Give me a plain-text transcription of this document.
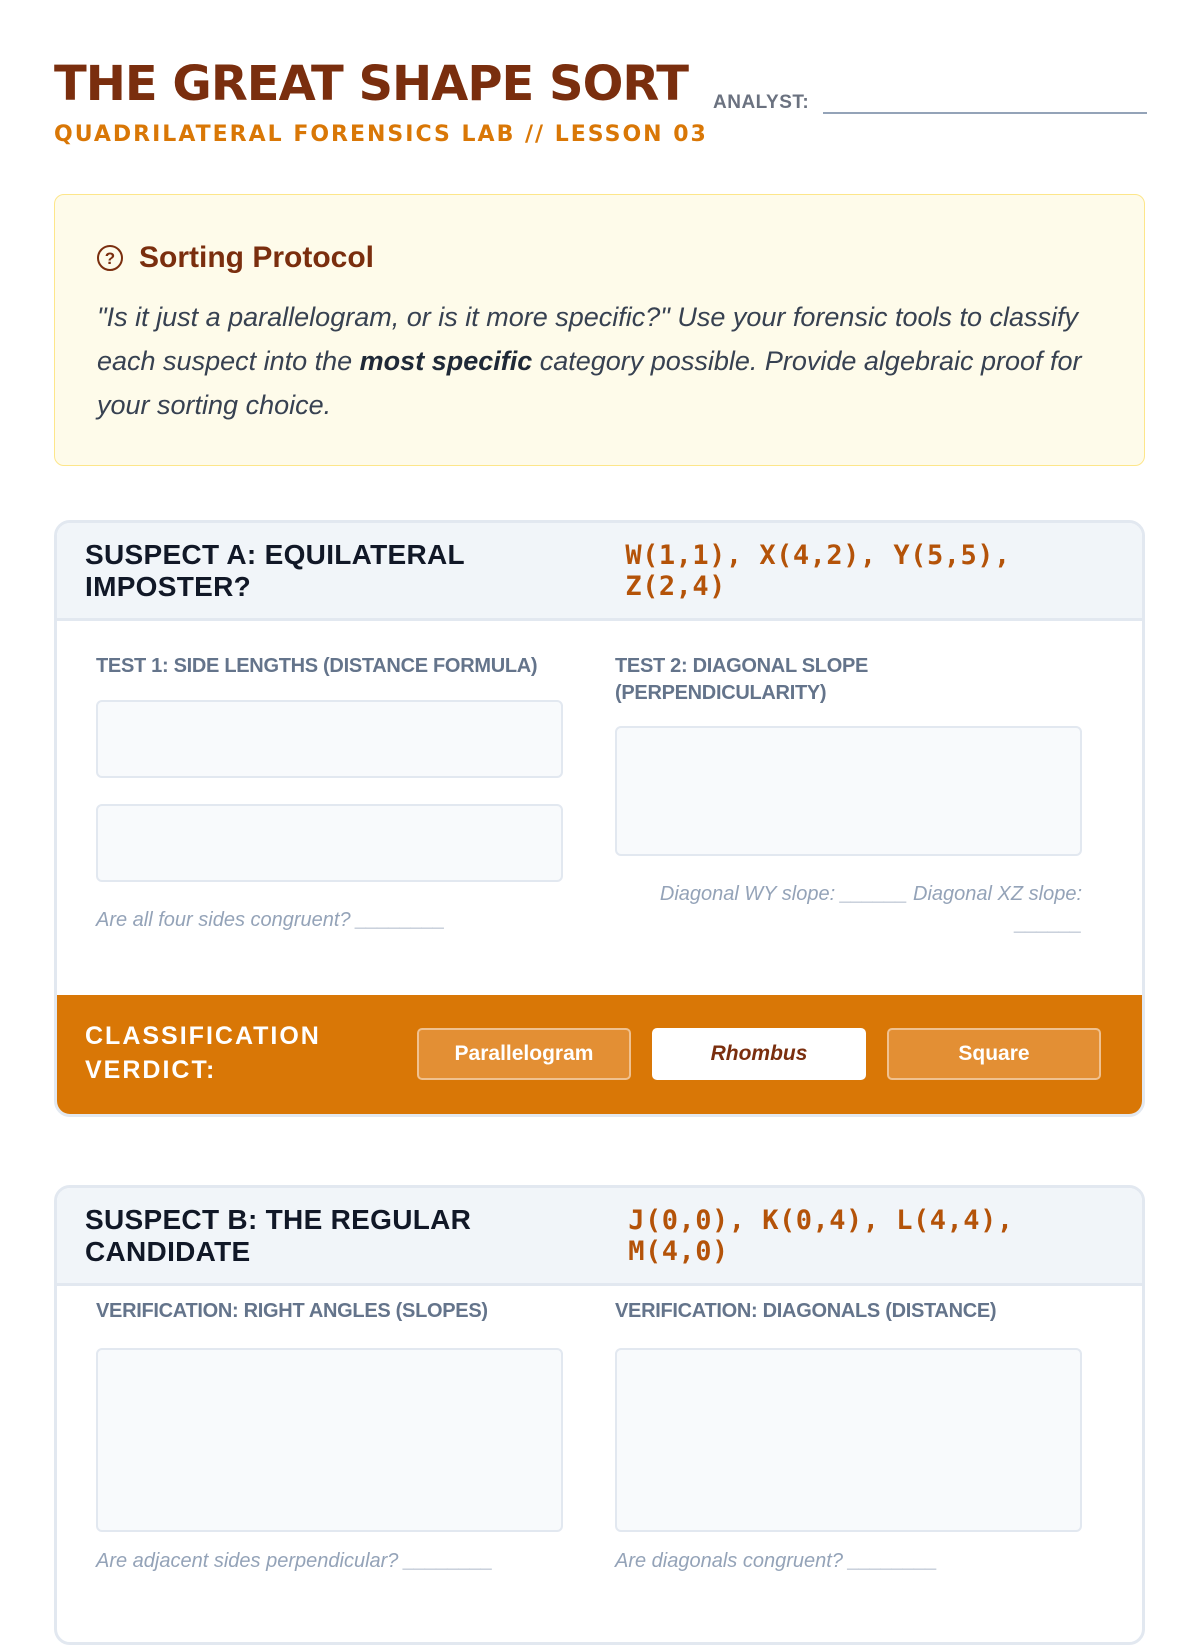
THE GREAT SHAPE SORT

QUADRILATERAL FORENSICS LAB // LESSON 03

ANALYST:
? Sorting Protocol

"Is it just a parallelogram, or is it more specific?" Use your forensic tools to classify each suspect into the most specific category possible. Provide algebraic proof for your sorting choice.

SUSPECT A: EQUILATERAL IMPOSTER?
W(1,1), X(4,2), Y(5,5), Z(2,4)

TEST 1: SIDE LENGTHS (DISTANCE FORMULA)

Are all four sides congruent? ________

TEST 2: DIAGONAL SLOPE (PERPENDICULARITY)

Diagonal WY slope: ______ Diagonal XZ slope: ______

CLASSIFICATION VERDICT:

Parallelogram	Rhombus	Square
SUSPECT B: THE REGULAR CANDIDATE
J(0,0), K(0,4), L(4,4), M(4,0)

VERIFICATION: RIGHT ANGLES (SLOPES)

Are adjacent sides perpendicular? ________

VERIFICATION: DIAGONALS (DISTANCE)

Are diagonals congruent? ________
